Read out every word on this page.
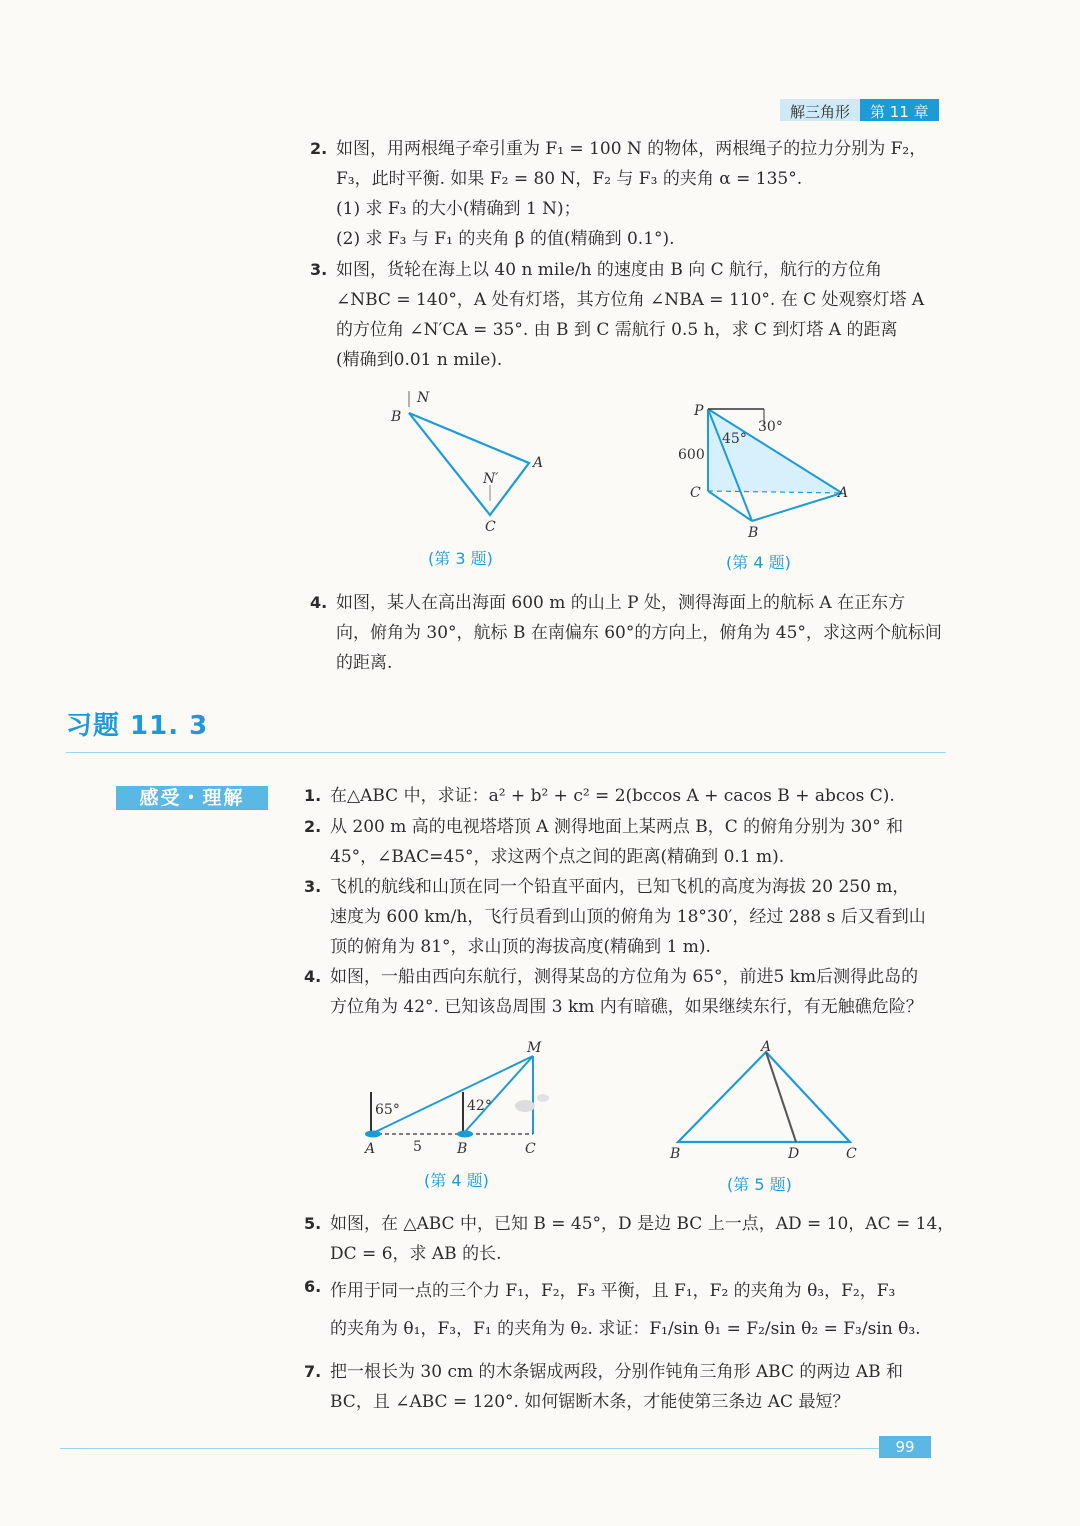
解三角形	第 11 章
2. 如图，用两根绳子牵引重为 F₁ = 100 N 的物体，两根绳子的拉力分别为 F₂，
F₃，此时平衡. 如果 F₂ = 80 N，F₂ 与 F₃ 的夹角 α = 135°.
(1) 求 F₃ 的大小(精确到 1 N)；
(2) 求 F₃ 与 F₁ 的夹角 β 的值(精确到 0.1°).
3. 如图，货轮在海上以 40 n mile/h 的速度由 B 向 C 航行，航行的方位角
∠NBC = 140°，A 处有灯塔，其方位角 ∠NBA = 110°. 在 C 处观察灯塔 A
的方位角 ∠N′CA = 35°. 由 B 到 C 需航行 0.5 h，求 C 到灯塔 A 的距离
(精确到0.01 n mile).
N
B
A
N′
C
(第 3 题)
P
30°
45°
600
C	A
B
(第 4 题)
4. 如图，某人在高出海面 600 m 的山上 P 处，测得海面上的航标 A 在正东方
向，俯角为 30°，航标 B 在南偏东 60°的方向上，俯角为 45°，求这两个航标间
的距离.
习题 11. 3
感受・理解	1. 在△ABC 中，求证：a² + b² + c² = 2(bccos A + cacos B + abcos C).
2. 从 200 m 高的电视塔塔顶 A 测得地面上某两点 B，C 的俯角分别为 30° 和
45°，∠BAC=45°，求这两个点之间的距离(精确到 0.1 m).
3. 飞机的航线和山顶在同一个铅直平面内，已知飞机的高度为海拔 20 250 m，
速度为 600 km/h，飞行员看到山顶的俯角为 18°30′，经过 288 s 后又看到山
顶的俯角为 81°，求山顶的海拔高度(精确到 1 m).
4. 如图，一船由西向东航行，测得某岛的方位角为 65°，前进5 km后测得此岛的
方位角为 42°. 已知该岛周围 3 km 内有暗礁，如果继续东行，有无触礁危险？
M
65°	42°
A	5	B	C
(第 4 题)
A
B	D	C
(第 5 题)
5. 如图，在 △ABC 中，已知 B = 45°，D 是边 BC 上一点，AD = 10，AC = 14，
DC = 6，求 AB 的长.
6. 作用于同一点的三个力 F₁，F₂，F₃ 平衡，且 F₁，F₂ 的夹角为 θ₃，F₂，F₃
的夹角为 θ₁，F₃，F₁ 的夹角为 θ₂. 求证：F₁/sin θ₁ = F₂/sin θ₂ = F₃/sin θ₃.
7. 把一根长为 30 cm 的木条锯成两段，分别作钝角三角形 ABC 的两边 AB 和
BC，且 ∠ABC = 120°. 如何锯断木条，才能使第三条边 AC 最短？
99
